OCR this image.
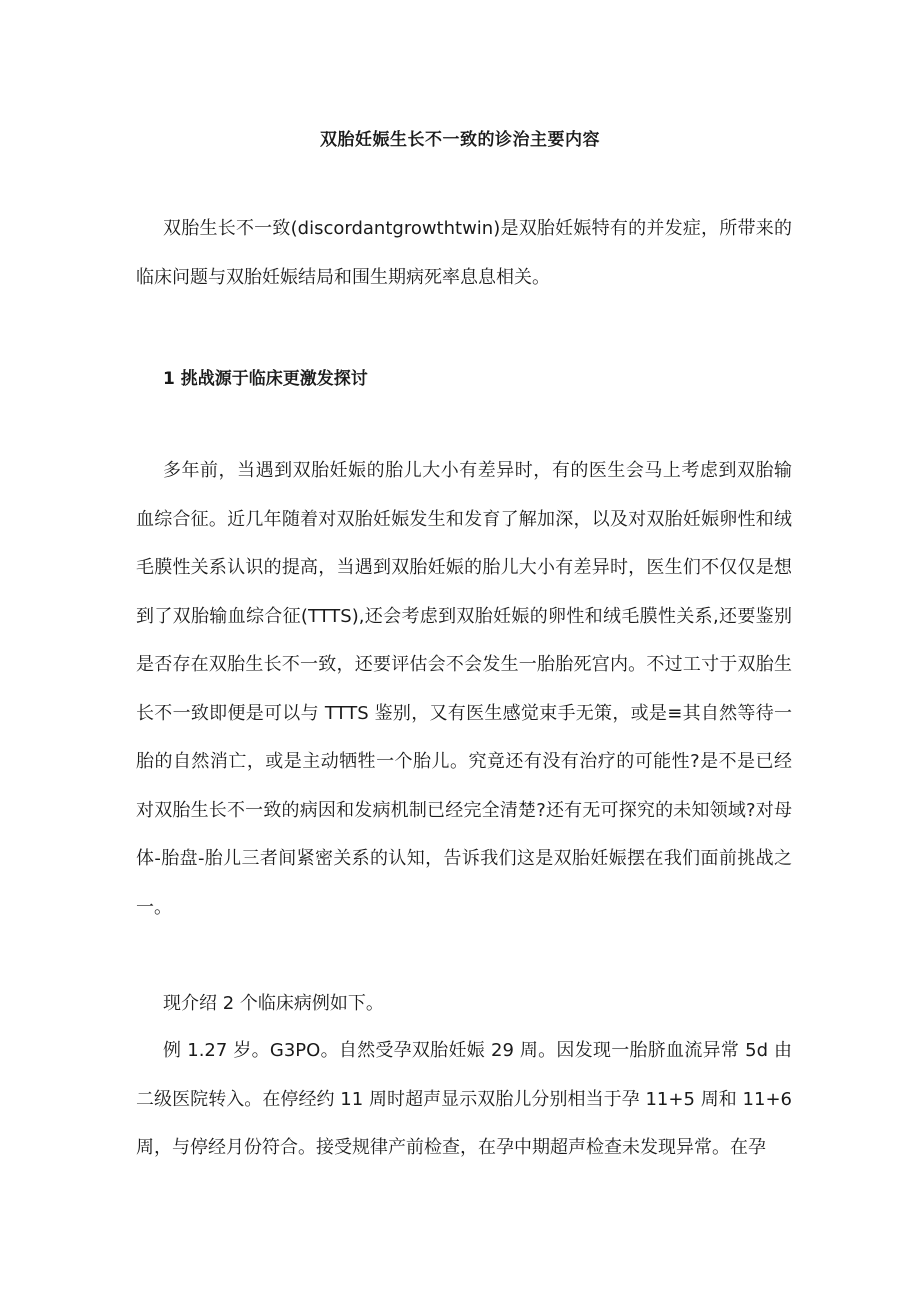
双胎妊娠生长不一致的诊治主要内容

双胎生长不一致(discordantgrowthtwin)是双胎妊娠特有的并发症，所带来的临床问题与双胎妊娠结局和围生期病死率息息相关。

1 挑战源于临床更激发探讨

多年前，当遇到双胎妊娠的胎儿大小有差异时，有的医生会马上考虑到双胎输血综合征。近几年随着对双胎妊娠发生和发育了解加深，以及对双胎妊娠卵性和绒毛膜性关系认识的提高，当遇到双胎妊娠的胎儿大小有差异时，医生们不仅仅是想到了双胎输血综合征(TTTS),还会考虑到双胎妊娠的卵性和绒毛膜性关系,还要鉴别是否存在双胎生长不一致，还要评估会不会发生一胎胎死宫内。不过工寸于双胎生长不一致即便是可以与 TTTS 鉴别，又有医生感觉束手无策，或是≡其自然等待一胎的自然消亡，或是主动牺牲一个胎儿。究竟还有没有治疗的可能性?是不是已经对双胎生长不一致的病因和发病机制已经完全清楚?还有无可探究的未知领域?对母体-胎盘-胎儿三者间紧密关系的认知，告诉我们这是双胎妊娠摆在我们面前挑战之一。

现介绍 2 个临床病例如下。

例 1.27 岁。G3PO。自然受孕双胎妊娠 29 周。因发现一胎脐血流异常 5d 由二级医院转入。在停经约 11 周时超声显示双胎儿分别相当于孕 11+5 周和 11+6 周，与停经月份符合。接受规律产前检查，在孕中期超声检查未发现异常。在孕
